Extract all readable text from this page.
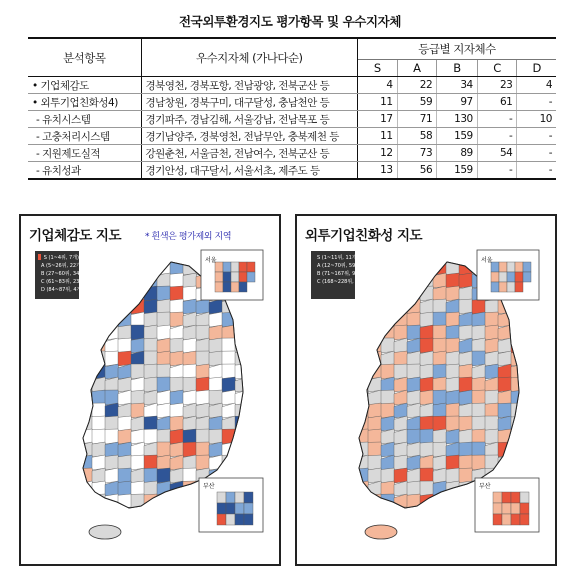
전국외투환경지도 평가항목 및 우수지자체
분석항목	우수지자체 (가나다순)	등급별 지자체수				
		S	A	B	C	D
• 기업체감도	경북영천, 경북포항, 전남광양, 전북군산 등	4	22	34	23	4
• 외투기업친화성4)	경남창원, 경북구미, 대구달성, 충남천안 등	11	59	97	61	-
- 유치시스템	경기파주, 경남김해, 서울강남, 전남목포 등	17	71	130	-	10
- 고충처리시스템	경기남양주, 경북영천, 전남무안, 충북제천 등	11	58	159	-	-
- 지원제도실적	강원춘천, 서울금천, 전남여수, 전북군산 등	12	73	89	54	-
- 유치성과	경기안성, 대구달서, 서울서초, 제주도 등	13	56	159	-	-
서울
부산
기업체감도 지도	* 흰색은 평가제외 지역
S (1~4위, 7개)
A (5~26위, 22개)
B (27~60위, 34개)
C (61~83위, 23개)
D (84~87위, 4개)
서울
부산
외투기업친화성 지도
S (1~11위, 11개)
A (12~70위, 59개)
B (71~167위, 97개)
C (168~228위, 61개)
